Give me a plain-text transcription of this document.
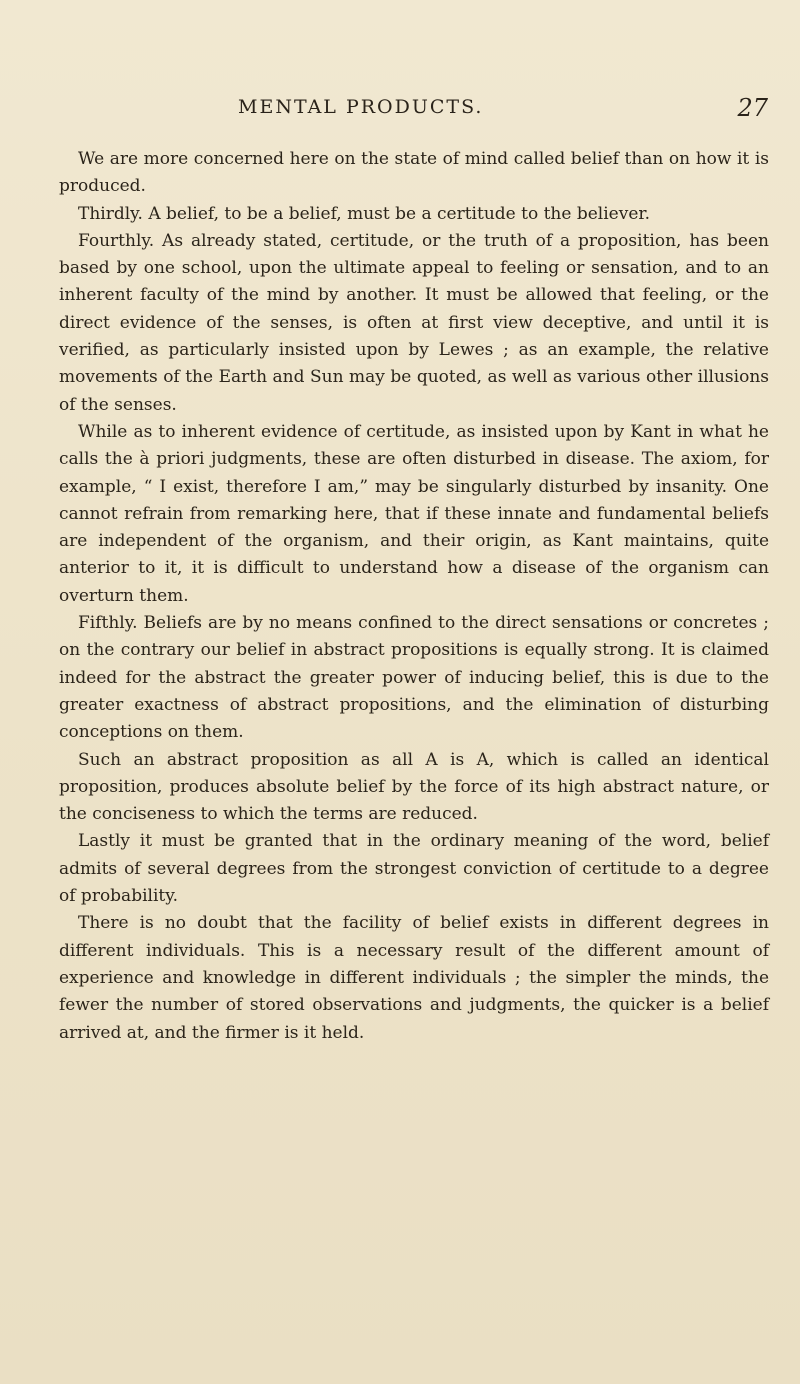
MENTAL PRODUCTS.	27

We are more concerned here on the state of mind called belief than on how it is produced.

Thirdly. A belief, to be a belief, must be a certitude to the believer.

Fourthly. As already stated, certitude, or the truth of a proposition, has been based by one school, upon the ultimate appeal to feeling or sensation, and to an inherent faculty of the mind by another. It must be allowed that feeling, or the direct evidence of the senses, is often at first view deceptive, and until it is verified, as particularly insisted upon by Lewes ; as an example, the relative movements of the Earth and Sun may be quoted, as well as various other illusions of the senses.

While as to inherent evidence of certitude, as insisted upon by Kant in what he calls the à priori judgments, these are often disturbed in disease. The axiom, for example, “ I exist, therefore I am,” may be singularly disturbed by insanity. One cannot refrain from remarking here, that if these innate and fundamental beliefs are independent of the organism, and their origin, as Kant maintains, quite anterior to it, it is difficult to understand how a disease of the organism can overturn them.

Fifthly. Beliefs are by no means confined to the direct sensations or concretes ; on the contrary our belief in abstract propositions is equally strong. It is claimed indeed for the abstract the greater power of inducing belief, this is due to the greater exactness of abstract propositions, and the elimination of disturbing conceptions on them.

Such an abstract proposition as all A is A, which is called an identical proposition, produces absolute belief by the force of its high abstract nature, or the conciseness to which the terms are reduced.

Lastly it must be granted that in the ordinary meaning of the word, belief admits of several degrees from the strongest conviction of certitude to a degree of probability.

There is no doubt that the facility of belief exists in different degrees in different individuals. This is a necessary result of the different amount of experience and knowledge in different individuals ; the simpler the minds, the fewer the number of stored observations and judgments, the quicker is a belief arrived at, and the firmer is it held.
